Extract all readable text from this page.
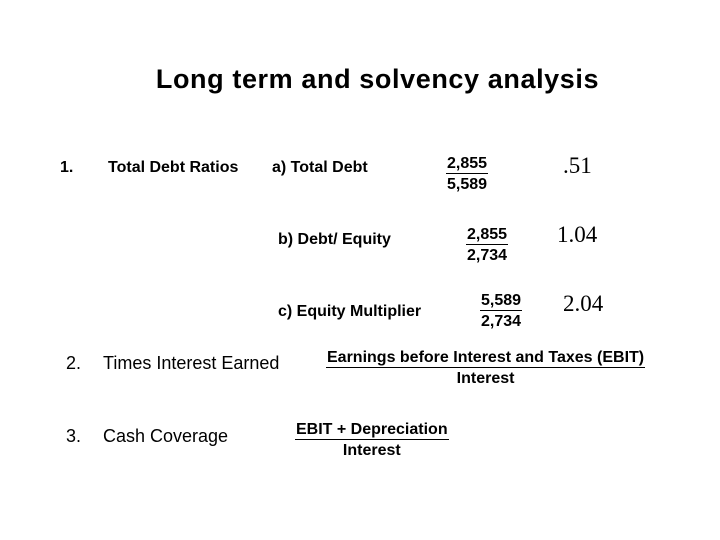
Long term and solvency analysis
1. Total Debt Ratios a) Total Debt	$\frac{2,855}{5,589}$	.51
b) Debt/ Equity	$\frac{2,855}{2,734} 1.04$
c) Equity Multiplier	$\frac{5,589}{2,734} 2.04$
2. Times Interest Earned	Earnings before Interest and Taxes (EBIT)
Interest
3. Cash Coverage	EBIT + Depreciation
Interest
